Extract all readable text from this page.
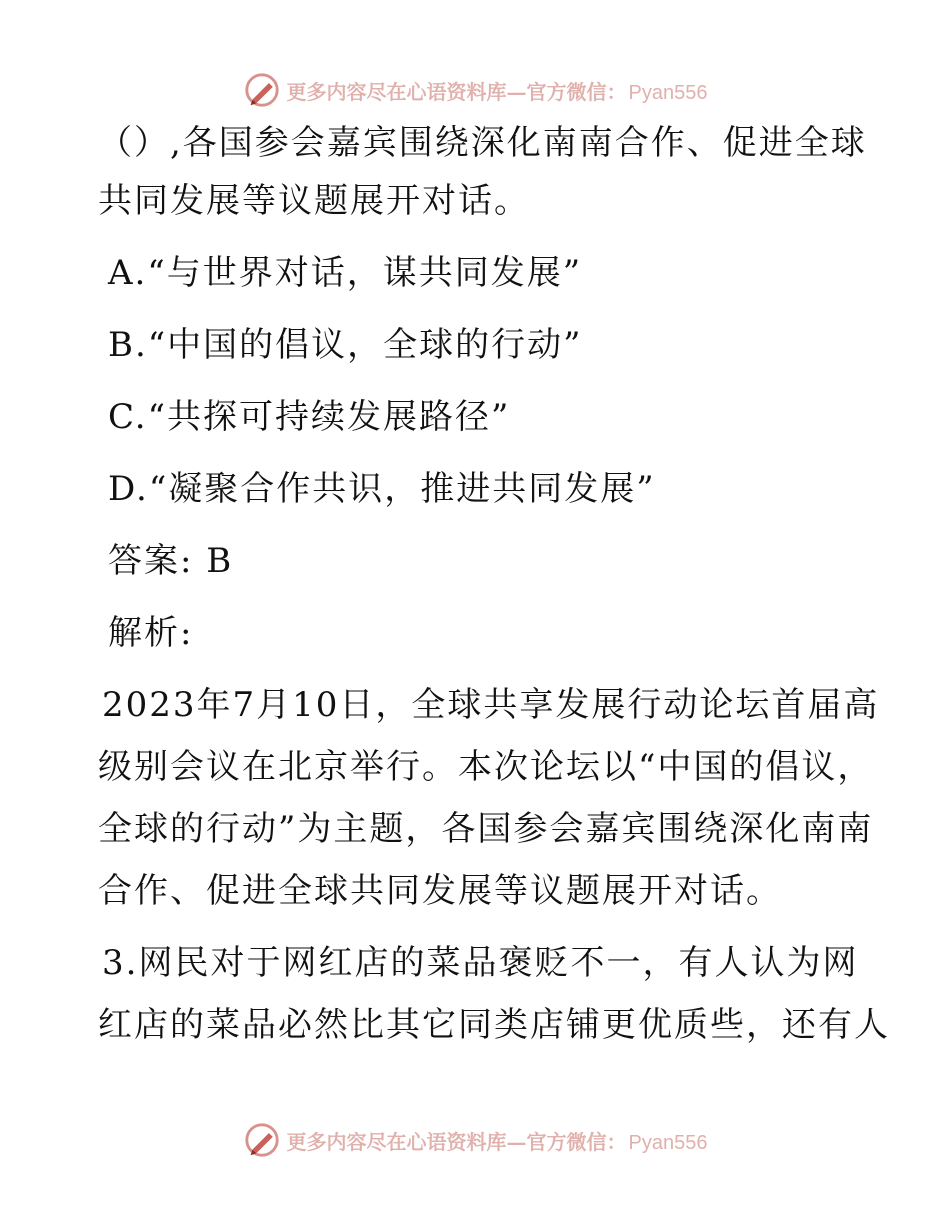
更多内容尽在心语资料库—官方微信： Pyan556
（）,各国参会嘉宾围绕深化南南合作、促进全球
共同发展等议题展开对话。
A.“与世界对话，谋共同发展”
B.“中国的倡议，全球的行动”
C.“共探可持续发展路径”
D.“凝聚合作共识，推进共同发展”
答案: B
解析:
2023年7月10日，全球共享发展行动论坛首届高
级别会议在北京举行。本次论坛以“中国的倡议，
全球的行动”为主题，各国参会嘉宾围绕深化南南
合作、促进全球共同发展等议题展开对话。
3.网民对于网红店的菜品褒贬不一，有人认为网
红店的菜品必然比其它同类店铺更优质些，还有人
更多内容尽在心语资料库—官方微信： Pyan556
